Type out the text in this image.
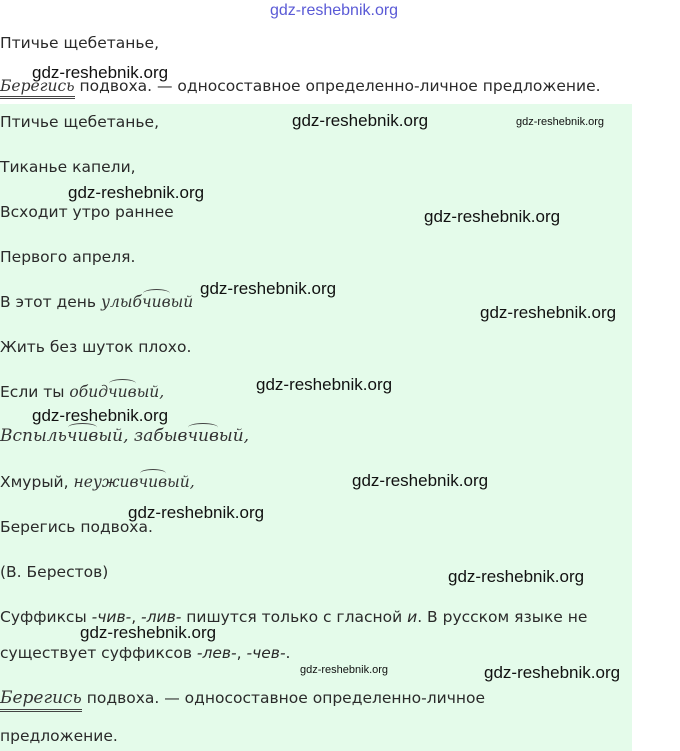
gdz-reshebnik.org
Птичье щебетанье,
Берегись подвоха. — односоставное определенно-личное предложение.
Птичье щебетанье,
Тиканье капели,
Всходит утро раннее
Первого апреля.
В этот день улыбчивый
Жить без шуток плохо.
Если ты обидчивый,
Вспыльчивый, забывчивый,
Хмурый, неуживчивый,
Берегись подвоха.
(В. Берестов)
Суффиксы -чив-, -лив- пишутся только с гласной и. В русском языке не
существует суффиксов -лев-, -чев-.
Берегись подвоха. — односоставное определенно-личное
предложение.
gdz-reshebnik.org
gdz-reshebnik.org	gdz-reshebnik.org
gdz-reshebnik.org
gdz-reshebnik.org
gdz-reshebnik.org
gdz-reshebnik.org
gdz-reshebnik.org
gdz-reshebnik.org
gdz-reshebnik.org
gdz-reshebnik.org
gdz-reshebnik.org
gdz-reshebnik.org
gdz-reshebnik.org	gdz-reshebnik.org
